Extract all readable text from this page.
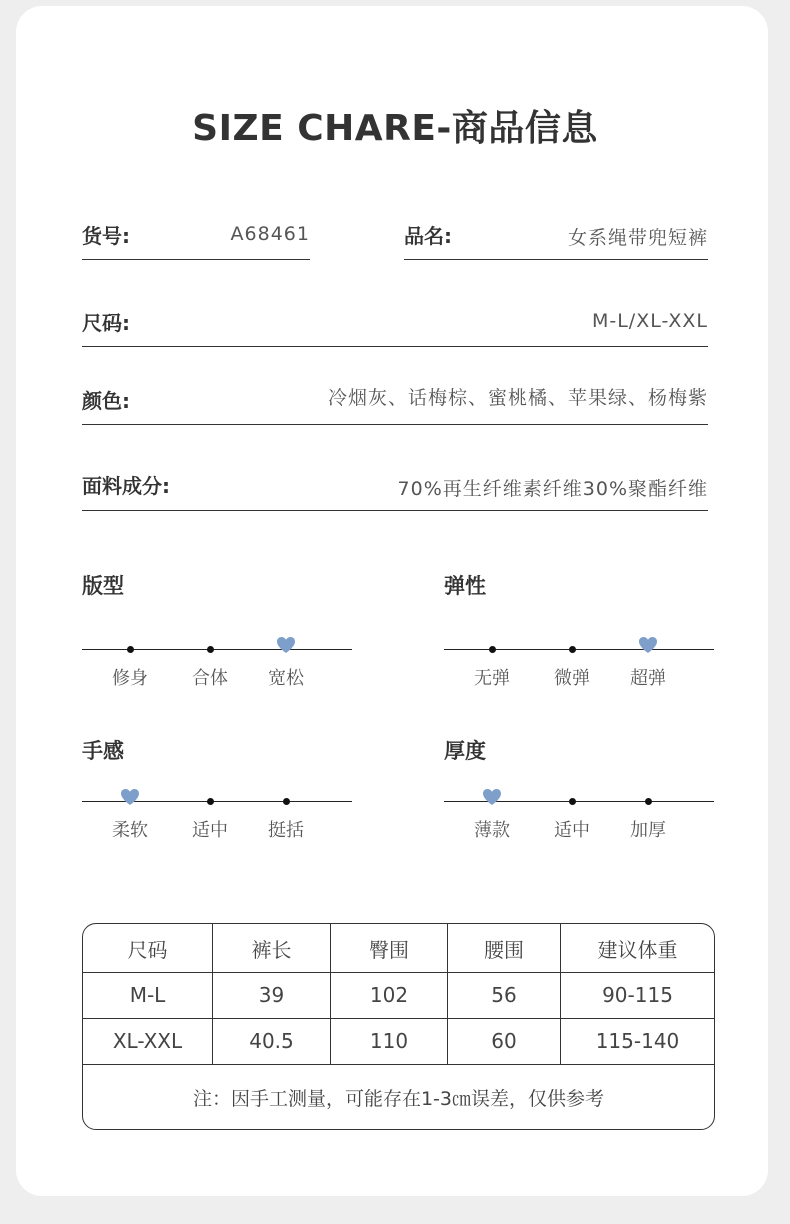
SIZE CHARE-商品信息
货号:	A68461	品名:	女系绳带兜短裤
尺码:	M-L/XL-XXL
颜色:	冷烟灰、话梅棕、蜜桃橘、苹果绿、杨梅紫
面料成分:	70%再生纤维素纤维30%聚酯纤维
版型
修身	合体	宽松
弹性
无弹	微弹	超弹
手感
柔软	适中	挺括
厚度
薄款	适中	加厚
尺码	裤长	臀围	腰围	建议体重
M-L	39	102	56	90-115
XL-XXL	40.5	110	60	115-140
注：因手工测量，可能存在1-3㎝误差，仅供参考
